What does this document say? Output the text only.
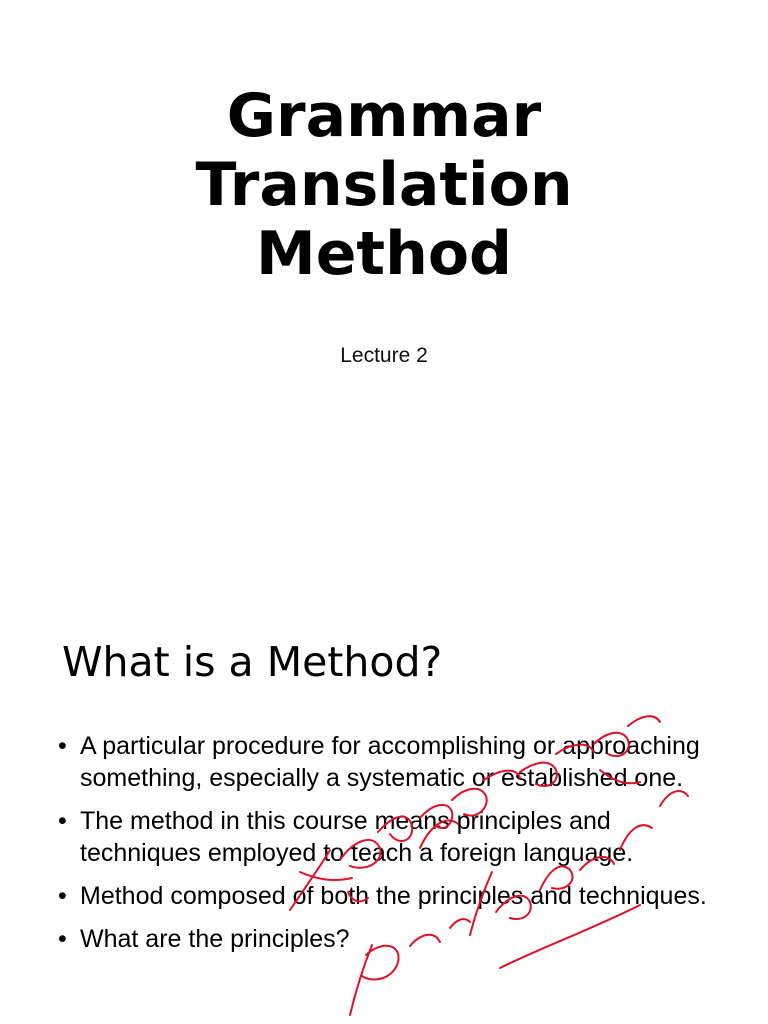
Grammar
Translation
Method

Lecture 2

What is a Method?
• A particular procedure for accomplishing or approaching something, especially a systematic or established one.
• The method in this course means principles and techniques employed to teach a foreign language.
• Method composed of both the principles and techniques.
• What are the principles?
